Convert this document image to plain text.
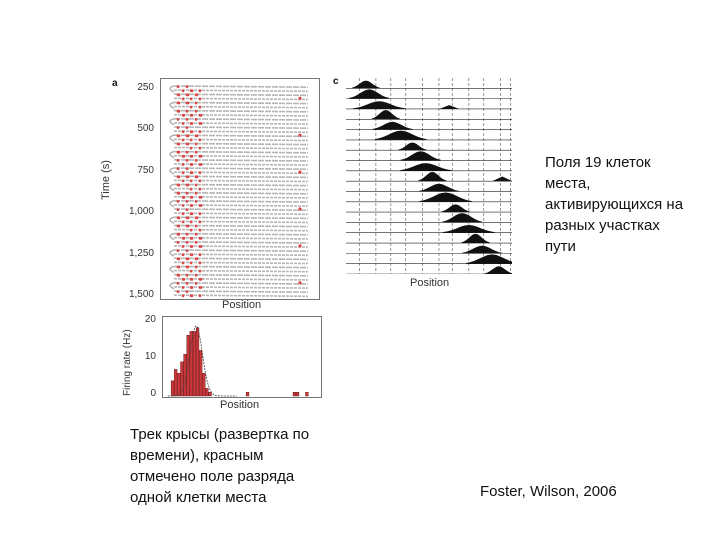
a
Time (s)
250
500
750
1,000
1,250
1,500
Position
Firing rate (Hz)
20
10
0
Position
c
Position
Поля 19 клеток
места,
активирующихся на
разных участках
пути
Трек крысы (развертка по
времени), красным
отмечено поле разряда
одной клетки места	Foster, Wilson, 2006
